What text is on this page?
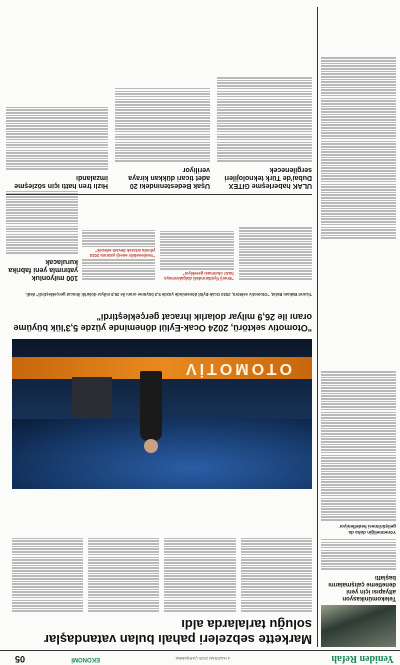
Yeniden Refah
4 HAZİRAN 2025 ÇARŞAMBA
EKONOMİ
05
Telekomünikasyon altyapısı için yeni denetleme çalışmalarını başlattı
Yönetmeliğin daha da geliştirilmesi hedefleniyor
Markette sebzeleri pahalı bulan vatandaşlar soluğu tarlalarda aldı
OTOMOTİV
"Otomotiv sektörü, 2024 Ocak-Eylül döneminde yüzde 5,3'lük büyüme oranı ile 26,9 milyar dolarlık ihracat gerçekleştirdi"
Ticaret Bakanı Bolat, "Otomotiv sektörü, 2024 Ocak-Eylül döneminde yüzde 5,3 büyüme oranı ile 26,9 milyar dolarlık ihracat gerçekleştirdi" dedi.
"Enerji fiyatlarındaki dalgalanmaya hazır olunması gerekiyor"
"Yenilenebilir enerji yatırımı 2024 yılında artarak devam edecek"
100 milyonluk yatırımla yeni fabrika kurulacak
ULAK haberleşme GİTEX Dubai'de Türk teknolojileri sergilenecek
Uşak Bedestenindeki 20 adet ticari dükkan kiraya veriliyor
Hızlı tren hattı için sözleşme imzalandı
